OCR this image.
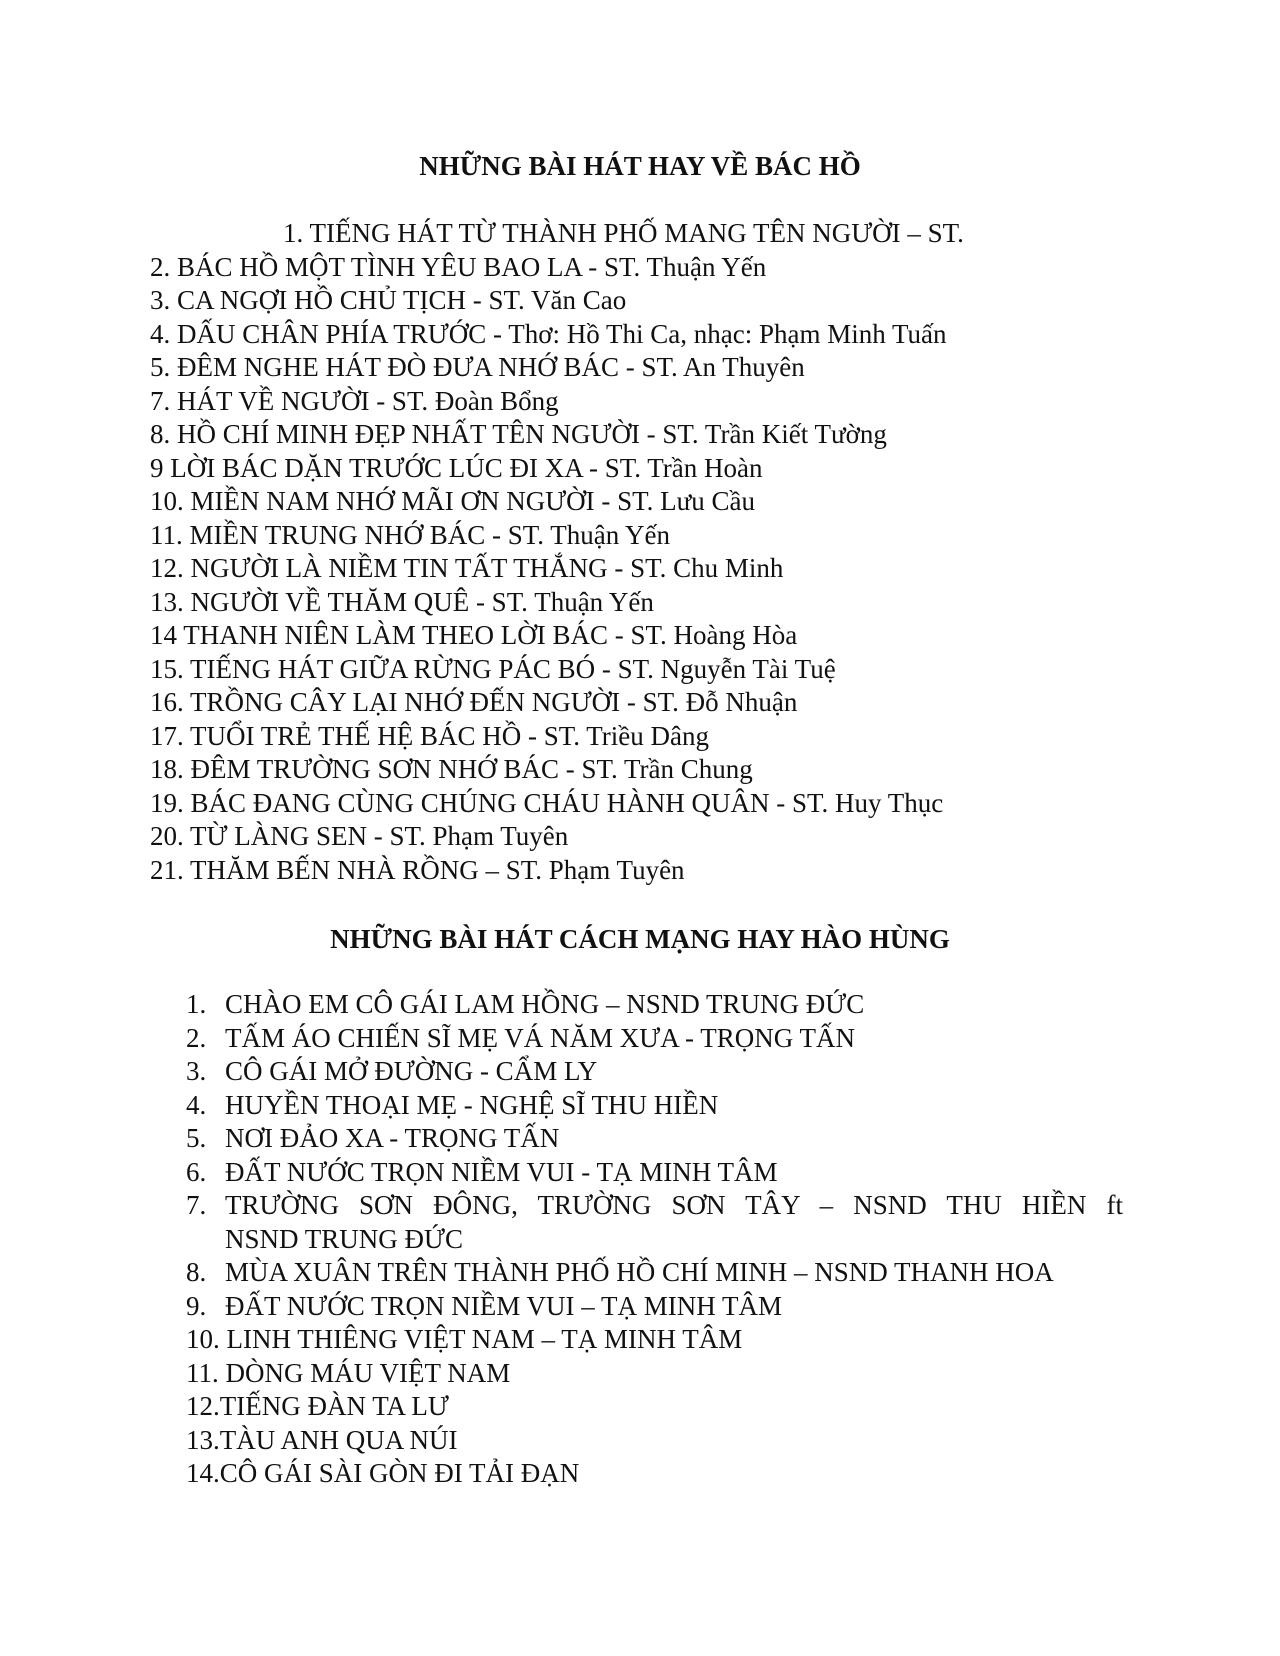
NHỮNG BÀI HÁT HAY VỀ BÁC HỒ
1. TIẾNG HÁT TỪ THÀNH PHỐ MANG TÊN NGƯỜI – ST.
2. BÁC HỒ MỘT TÌNH YÊU BAO LA - ST. Thuận Yến
3. CA NGỢI HỒ CHỦ TỊCH - ST. Văn Cao
4. DẤU CHÂN PHÍA TRƯỚC - Thơ: Hồ Thi Ca, nhạc: Phạm Minh Tuấn
5. ĐÊM NGHE HÁT ĐÒ ĐƯA NHỚ BÁC - ST. An Thuyên
7. HÁT VỀ NGƯỜI - ST. Đoàn Bổng
8. HỒ CHÍ MINH ĐẸP NHẤT TÊN NGƯỜI - ST. Trần Kiết Tường
9 LỜI BÁC DẶN TRƯỚC LÚC ĐI XA - ST. Trần Hoàn
10. MIỀN NAM NHỚ MÃI ƠN NGƯỜI - ST. Lưu Cầu
11. MIỀN TRUNG NHỚ BÁC - ST. Thuận Yến
12. NGƯỜI LÀ NIỀM TIN TẤT THẮNG - ST. Chu Minh
13. NGƯỜI VỀ THĂM QUÊ - ST. Thuận Yến
14 THANH NIÊN LÀM THEO LỜI BÁC - ST. Hoàng Hòa
15. TIẾNG HÁT GIỮA RỪNG PÁC BÓ - ST. Nguyễn Tài Tuệ
16. TRỒNG CÂY LẠI NHỚ ĐẾN NGƯỜI - ST. Đỗ Nhuận
17. TUỔI TRẺ THẾ HỆ BÁC HỒ - ST. Triều Dâng
18. ĐÊM TRƯỜNG SƠN NHỚ BÁC - ST. Trần Chung
19. BÁC ĐANG CÙNG CHÚNG CHÁU HÀNH QUÂN - ST. Huy Thục
20. TỪ LÀNG SEN - ST. Phạm Tuyên
21. THĂM BẾN NHÀ RỒNG – ST. Phạm Tuyên
NHỮNG BÀI HÁT CÁCH MẠNG HAY HÀO HÙNG
1. CHÀO EM CÔ GÁI LAM HỒNG – NSND TRUNG ĐỨC
2. TẤM ÁO CHIẾN SĨ MẸ VÁ NĂM XƯA - TRỌNG TẤN
3. CÔ GÁI MỞ ĐƯỜNG - CẨM LY
4. HUYỀN THOẠI MẸ - NGHỆ SĨ THU HIỀN
5. NƠI ĐẢO XA - TRỌNG TẤN
6. ĐẤT NƯỚC TRỌN NIỀM VUI - TẠ MINH TÂM
7. TRƯỜNG SƠN ĐÔNG, TRƯỜNG SƠN TÂY – NSND THU HIỀN ft
NSND TRUNG ĐỨC
8. MÙA XUÂN TRÊN THÀNH PHỐ HỒ CHÍ MINH – NSND THANH HOA
9. ĐẤT NƯỚC TRỌN NIỀM VUI – TẠ MINH TÂM
10. LINH THIÊNG VIỆT NAM – TẠ MINH TÂM
11. DÒNG MÁU VIỆT NAM
12.TIẾNG ĐÀN TA LƯ
13.TÀU ANH QUA NÚI
14.CÔ GÁI SÀI GÒN ĐI TẢI ĐẠN
